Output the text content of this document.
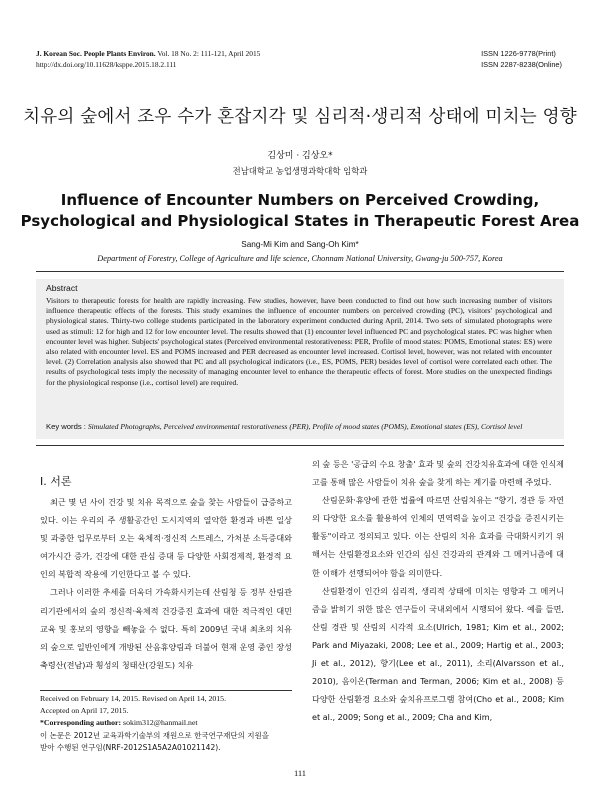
J. Korean Soc. People Plants Environ. Vol. 18 No. 2: 111-121, April 2015
http://dx.doi.org/10.11628/ksppe.2015.18.2.111
ISSN 1226-9778(Print)
ISSN 2287-8238(Online)
치유의 숲에서 조우 수가 혼잡지각 및 심리적·생리적 상태에 미치는 영향
김상미 · 김상오*
전남대학교 농업생명과학대학 임학과
Influence of Encounter Numbers on Perceived Crowding,
Psychological and Physiological States in Therapeutic Forest Area
Sang-Mi Kim and Sang-Oh Kim*
Department of Forestry, College of Agriculture and life science, Chonnam National University, Gwang-ju 500-757, Korea
Abstract
Visitors to therapeutic forests for health are rapidly increasing. Few studies, however, have been conducted to find out how such increasing number of visitors influence therapeutic effects of the forests. This study examines the influence of encounter numbers on perceived crowding (PC), visitors' psychological and physiological states. Thirty-two college students participated in the laboratory experiment conducted during April, 2014. Two sets of simulated photographs were used as stimuli: 12 for high and 12 for low encounter level. The results showed that (1) encounter level influenced PC and psychological states. PC was higher when encounter level was higher. Subjects' psychological states (Perceived environmental restorativeness: PER, Profile of mood states: POMS, Emotional states: ES) were also related with encounter level. ES and POMS increased and PER decreased as encounter level increased. Cortisol level, however, was not related with encounter level. (2) Correlation analysis also showed that PC and all psychological indicators (i.e., ES, POMS, PER) besides level of cortisol were correlated each other. The results of psychological tests imply the necessity of managing encounter level to enhance the therapeutic effects of forest. More studies on the unexpected findings for the physiological response (i.e., cortisol level) are required.
Key words : Simulated Photographs, Perceived environmental restorativeness (PER), Profile of mood states (POMS), Emotional states (ES), Cortisol level
Ⅰ. 서론

최근 몇 년 사이 건강 및 치유 목적으로 숲을 찾는 사람들이 급증하고 있다. 이는 우리의 주 생활공간인 도시지역의 열악한 환경과 바쁜 일상 및 과중한 업무로부터 오는 육체적·정신적 스트레스, 가처분 소득증대와 여가시간 증가, 건강에 대한 관심 증대 등 다양한 사회경제적, 환경적 요인의 복합적 작용에 기인한다고 볼 수 있다.

그러나 이러한 추세를 더욱더 가속화시키는데 산림청 등 정부 산림관리기관에서의 숲의 정신적·육체적 건강증진 효과에 대한 적극적인 대민 교육 및 홍보의 영향을 빼놓을 수 없다. 특히 2009년 국내 최초의 치유의 숲으로 일반인에게 개방된 산음휴양림과 더불어 현재 운영 중인 장성 축령산(전남)과 횡성의 청태산(강원도) 치유

의 숲 등은 '공급의 수요 창출' 효과 및 숲의 건강치유효과에 대한 인식제고를 통해 많은 사람들이 치유 숲을 찾게 하는 계기를 마련해 주었다.

산림문화·휴양에 관한 법률에 따르면 산림치유는 "향기, 경관 등 자연의 다양한 요소를 활용하여 인체의 면역력을 높이고 건강을 증진시키는 활동"이라고 정의되고 있다. 이는 산림의 치유 효과를 극대화시키기 위해서는 산림환경요소와 인간의 심신 건강과의 관계와 그 메커니즘에 대한 이해가 선행되어야 함을 의미한다.

산림환경이 인간의 심리적, 생리적 상태에 미치는 영향과 그 메커니즘을 밝히기 위한 많은 연구들이 국내외에서 시행되어 왔다. 예를 들면, 산림 경관 및 산림의 시각적 요소(Ulrich, 1981; Kim et al., 2002; Park and Miyazaki, 2008; Lee et al., 2009; Hartig et al., 2003; Ji et al., 2012), 향기(Lee et al., 2011), 소리(Alvarsson et al., 2010), 음이온(Terman and Terman, 2006; Kim et al., 2008) 등 다양한 산림환경 요소와 숲치유프로그램 참여(Cho et al., 2008; Kim et al., 2009; Song et al., 2009; Cha and Kim,

Received on February 14, 2015. Revised on April 14, 2015.
Accepted on April 17, 2015.
*Corresponding author: sokim312@hanmail.net
이 논문은 2012년 교육과학기술부의 재원으로 한국연구재단의 지원을
받아 수행된 연구임(NRF-2012S1A5A2A01021142).
111
